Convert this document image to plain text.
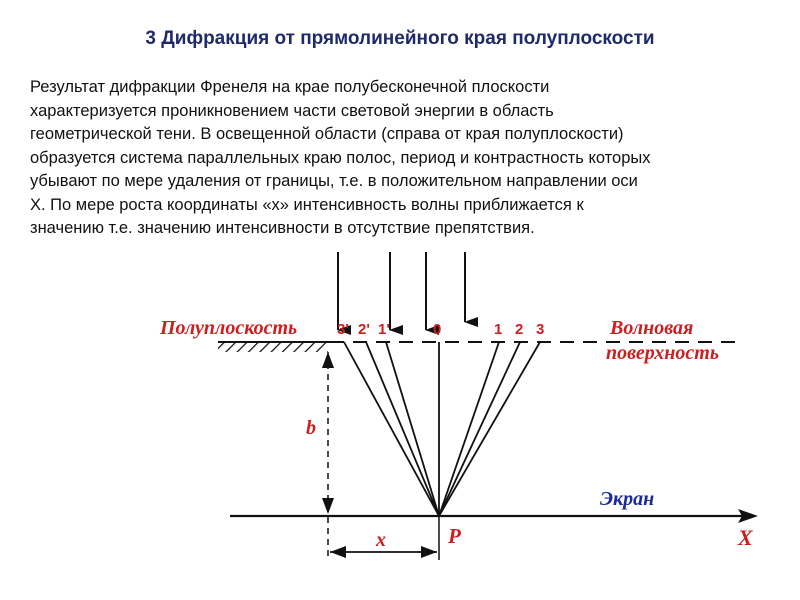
3 Дифракция от прямолинейного края полуплоскости
Результат дифракции Френеля на крае полубесконечной плоскости
характеризуется проникновением части световой энергии в область
геометрической тени. В освещенной области (справа от края полуплоскости)
образуется система параллельных краю полос, период и контрастность которых
убывают по мере удаления от границы, т.е. в положительном направлении оси
X. По мере роста координаты «х» интенсивность волны приближается к
значению т.е. значению интенсивности в отсутствие препятствия.
Полуплоскость	3' 2' 1'	0	1 2 3	Волновая
поверхность
b
Экран
x	P	X
